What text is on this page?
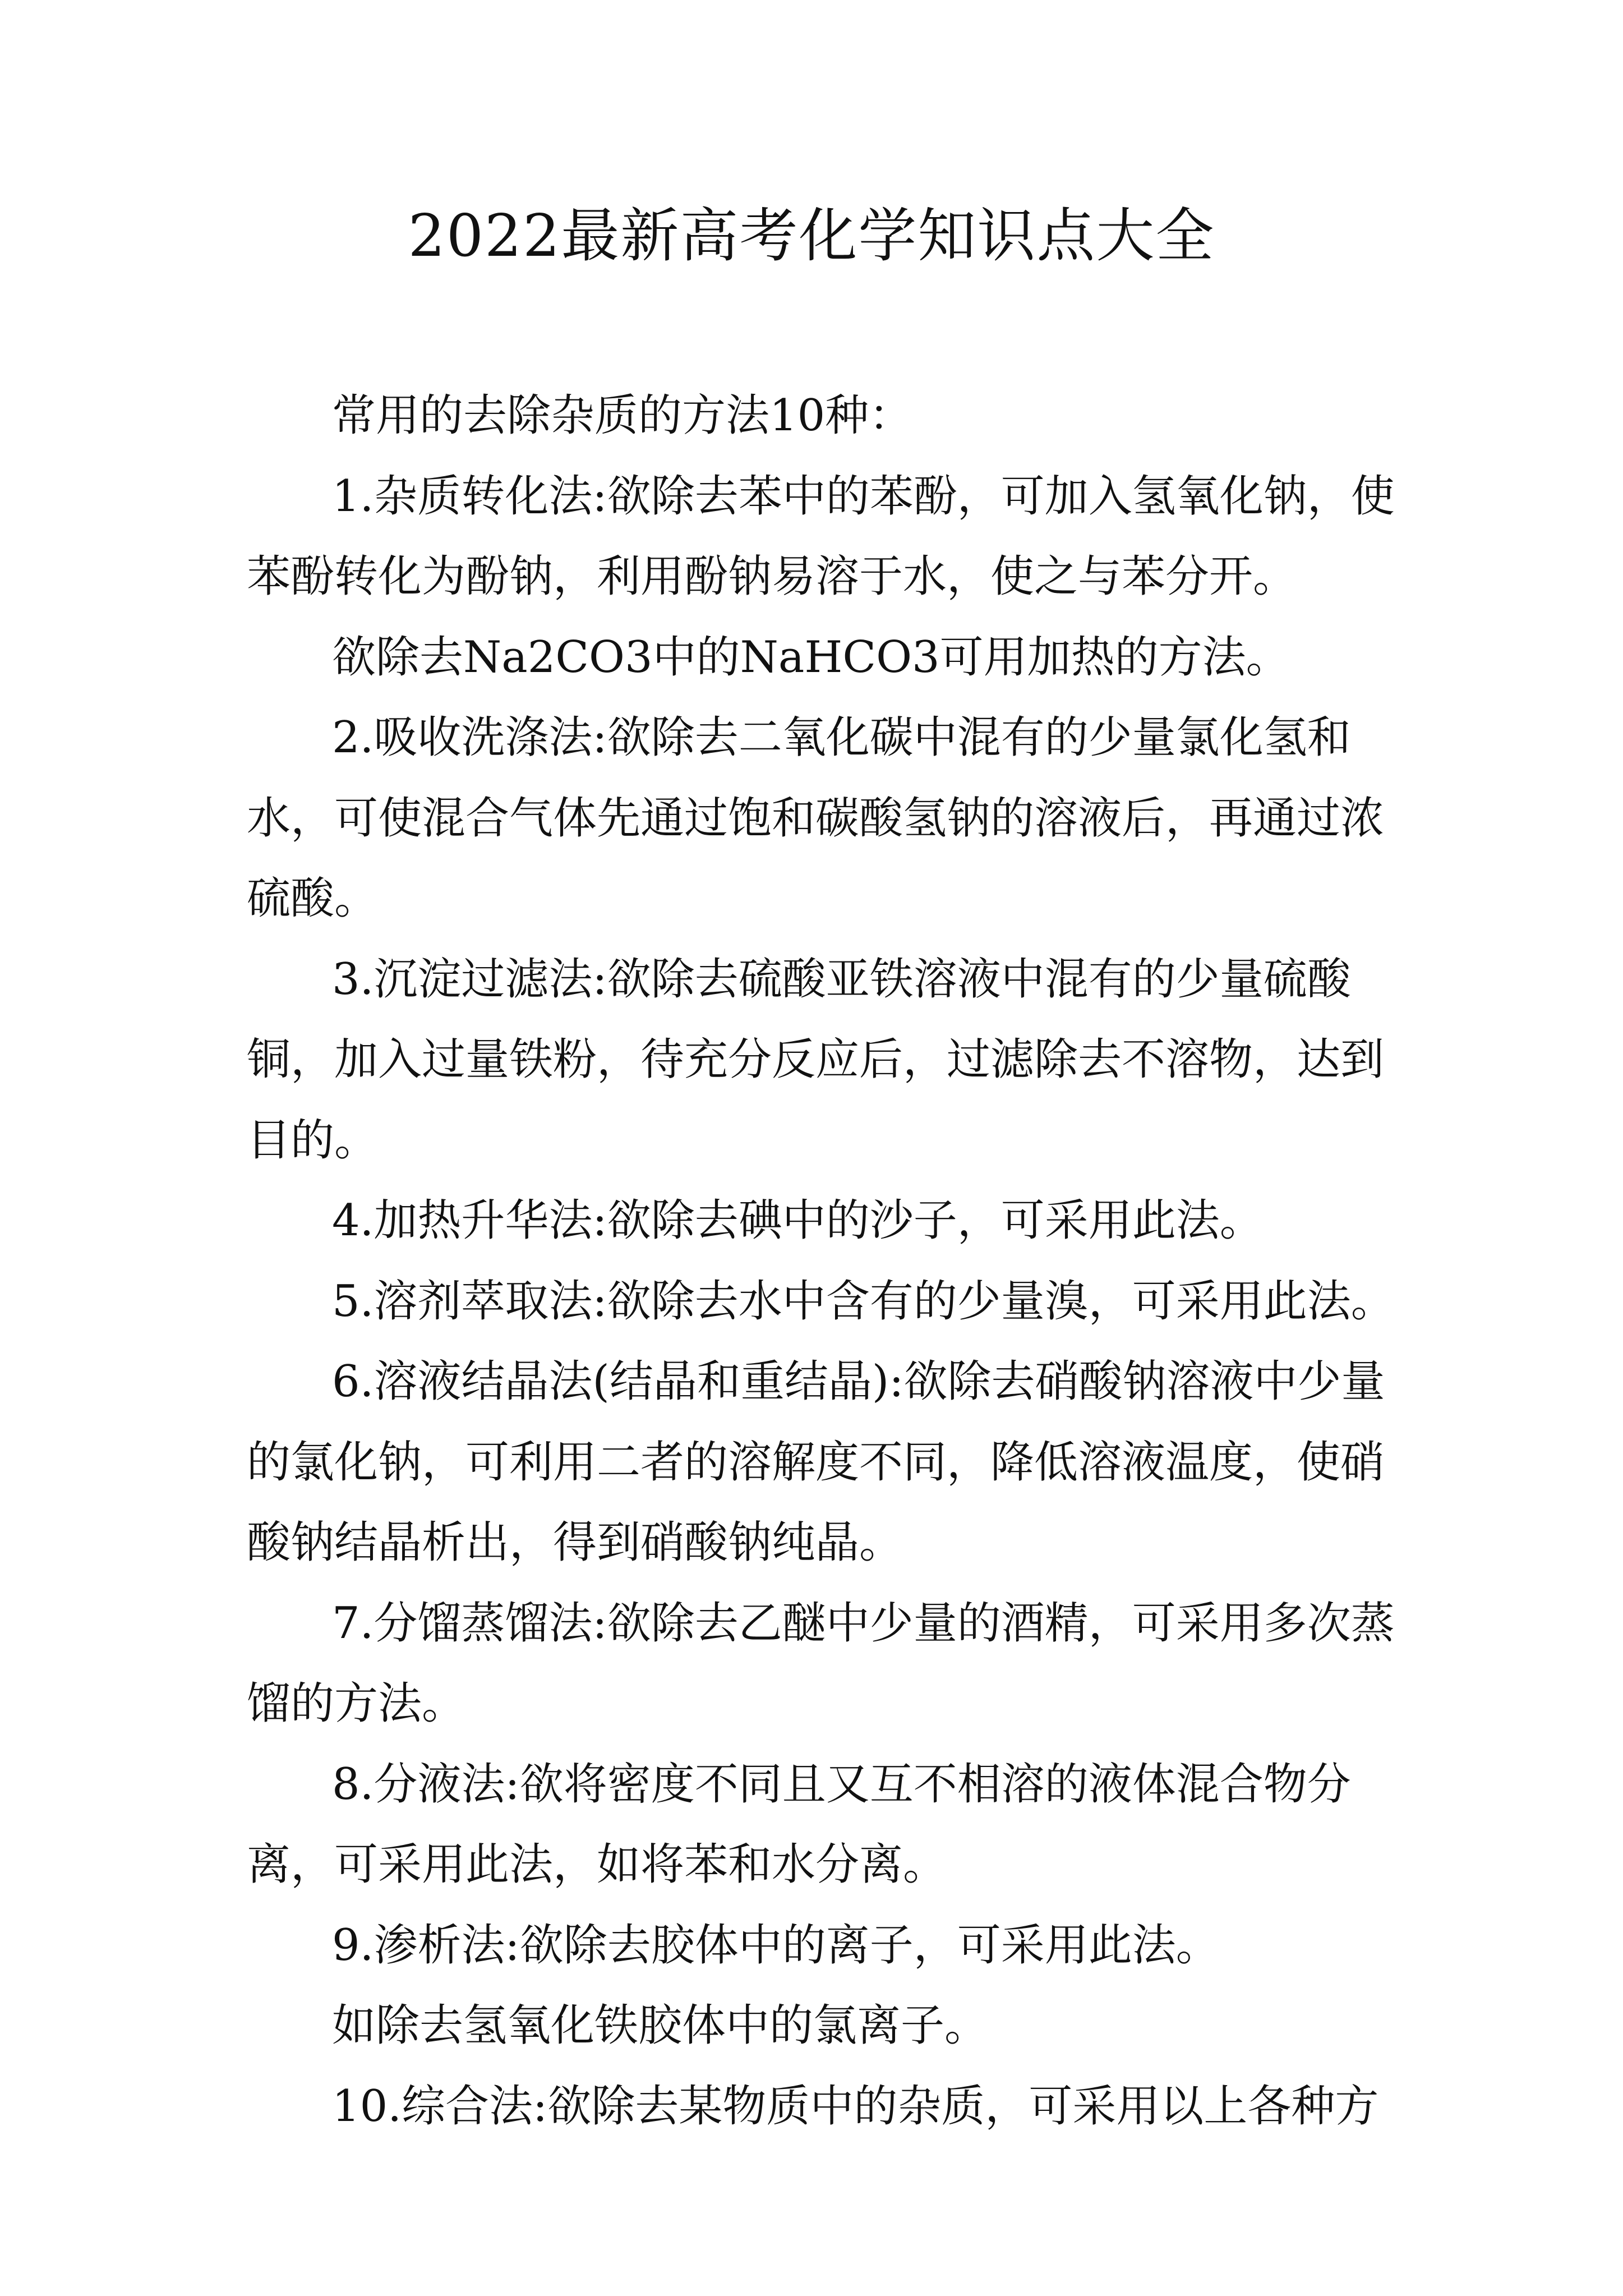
2022最新高考化学知识点大全

常用的去除杂质的方法10种：

1.杂质转化法:欲除去苯中的苯酚，可加入氢氧化钠，使苯酚转化为酚钠，利用酚钠易溶于水，使之与苯分开。

欲除去Na2CO3中的NaHCO3可用加热的方法。

2.吸收洗涤法:欲除去二氧化碳中混有的少量氯化氢和水，可使混合气体先通过饱和碳酸氢钠的溶液后，再通过浓硫酸。

3.沉淀过滤法:欲除去硫酸亚铁溶液中混有的少量硫酸铜，加入过量铁粉，待充分反应后，过滤除去不溶物，达到目的。

4.加热升华法:欲除去碘中的沙子，可采用此法。

5.溶剂萃取法:欲除去水中含有的少量溴，可采用此法。

6.溶液结晶法(结晶和重结晶):欲除去硝酸钠溶液中少量的氯化钠，可利用二者的溶解度不同，降低溶液温度，使硝酸钠结晶析出，得到硝酸钠纯晶。

7.分馏蒸馏法:欲除去乙醚中少量的酒精，可采用多次蒸馏的方法。

8.分液法:欲将密度不同且又互不相溶的液体混合物分离，可采用此法，如将苯和水分离。

9.渗析法:欲除去胶体中的离子，可采用此法。

如除去氢氧化铁胶体中的氯离子。

10.综合法:欲除去某物质中的杂质，可采用以上各种方
